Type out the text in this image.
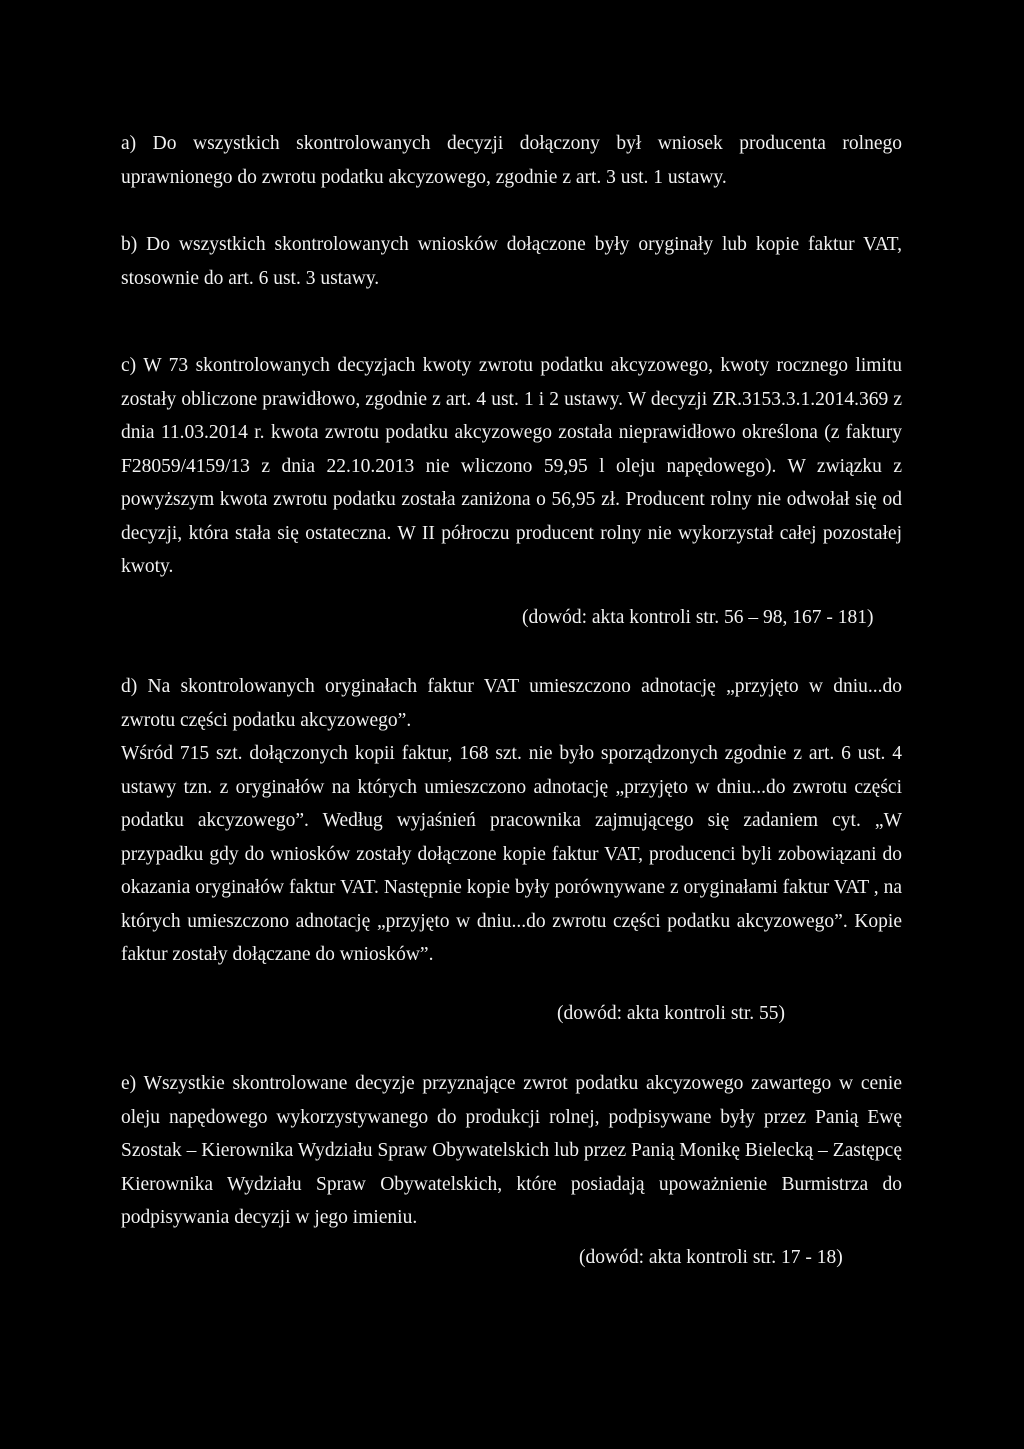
a) Do wszystkich skontrolowanych decyzji dołączony był wniosek producenta rolnego uprawnionego do zwrotu podatku akcyzowego, zgodnie z art. 3 ust. 1 ustawy.

b) Do wszystkich skontrolowanych wniosków dołączone były oryginały lub kopie faktur VAT, stosownie do art. 6 ust. 3 ustawy.

c) W 73 skontrolowanych decyzjach kwoty zwrotu podatku akcyzowego, kwoty rocznego limitu zostały obliczone prawidłowo, zgodnie z art. 4 ust. 1 i 2 ustawy. W decyzji ZR.3153.3.1.2014.369 z dnia 11.03.2014 r. kwota zwrotu podatku akcyzowego została nieprawidłowo określona (z faktury F28059/4159/13 z dnia 22.10.2013 nie wliczono 59,95 l oleju napędowego). W związku z powyższym kwota zwrotu podatku została zaniżona o 56,95 zł. Producent rolny nie odwołał się od decyzji, która stała się ostateczna. W II półroczu producent rolny nie wykorzystał całej pozostałej kwoty.

(dowód: akta kontroli str. 56 – 98, 167 - 181)

d) Na skontrolowanych oryginałach faktur VAT umieszczono adnotację „przyjęto w dniu...do zwrotu części podatku akcyzowego”.
Wśród 715 szt. dołączonych kopii faktur, 168 szt. nie było sporządzonych zgodnie z art. 6 ust. 4 ustawy tzn. z oryginałów na których umieszczono adnotację „przyjęto w dniu...do zwrotu części podatku akcyzowego”. Według wyjaśnień pracownika zajmującego się zadaniem cyt. „W przypadku gdy do wniosków zostały dołączone kopie faktur VAT, producenci byli zobowiązani do okazania oryginałów faktur VAT. Następnie kopie były porównywane z oryginałami faktur VAT , na których umieszczono adnotację „przyjęto w dniu...do zwrotu części podatku akcyzowego”. Kopie faktur zostały dołączane do wniosków”.

(dowód: akta kontroli str. 55)

e) Wszystkie skontrolowane decyzje przyznające zwrot podatku akcyzowego zawartego w cenie oleju napędowego wykorzystywanego do produkcji rolnej, podpisywane były przez Panią Ewę Szostak – Kierownika Wydziału Spraw Obywatelskich lub przez Panią Monikę Bielecką – Zastępcę Kierownika Wydziału Spraw Obywatelskich, które posiadają upoważnienie Burmistrza do podpisywania decyzji w jego imieniu.

(dowód: akta kontroli str. 17 - 18)
